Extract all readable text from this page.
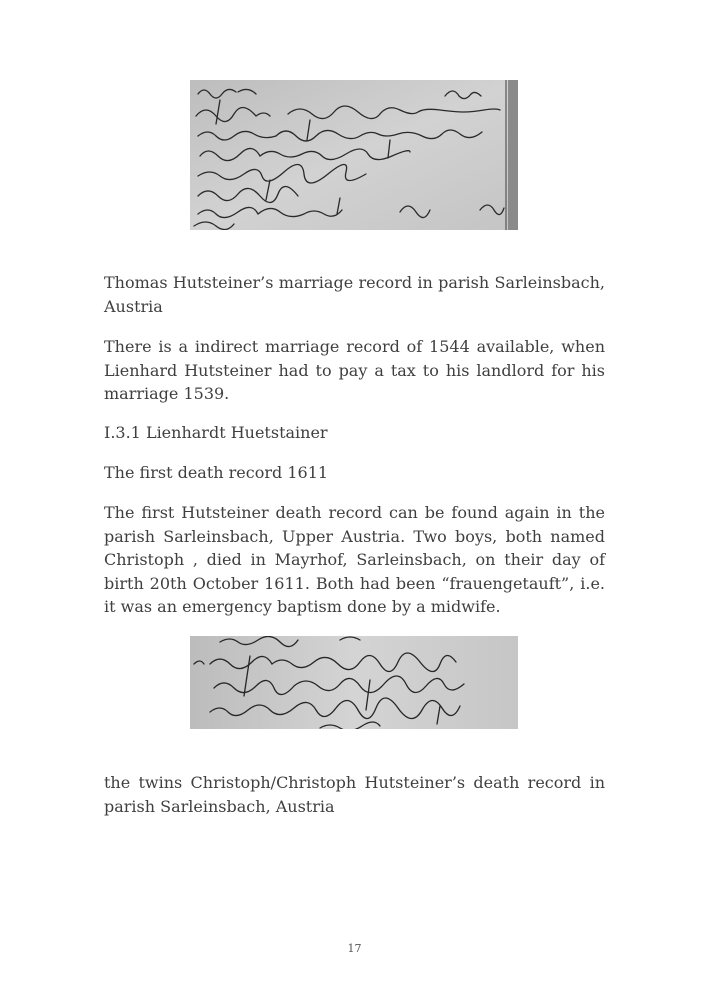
Thomas Hutsteiner’s marriage record in parish Sarleinsbach, Austria

There is a indirect marriage record of 1544 available, when Lienhard Hutsteiner had to pay a tax to his landlord for his marriage 1539.

I.3.1 Lienhardt Huetstainer

The first death record 1611

The first Hutsteiner death record can be found again in the parish Sarleinsbach, Upper Austria. Two boys, both named Christoph , died in Mayrhof, Sarleinsbach, on their day of birth 20th October 1611. Both had been “frauengetauft”, i.e. it was an emergency baptism done by a midwife.

the twins Christoph/Christoph Hutsteiner’s death record in parish Sarleinsbach, Austria

17
